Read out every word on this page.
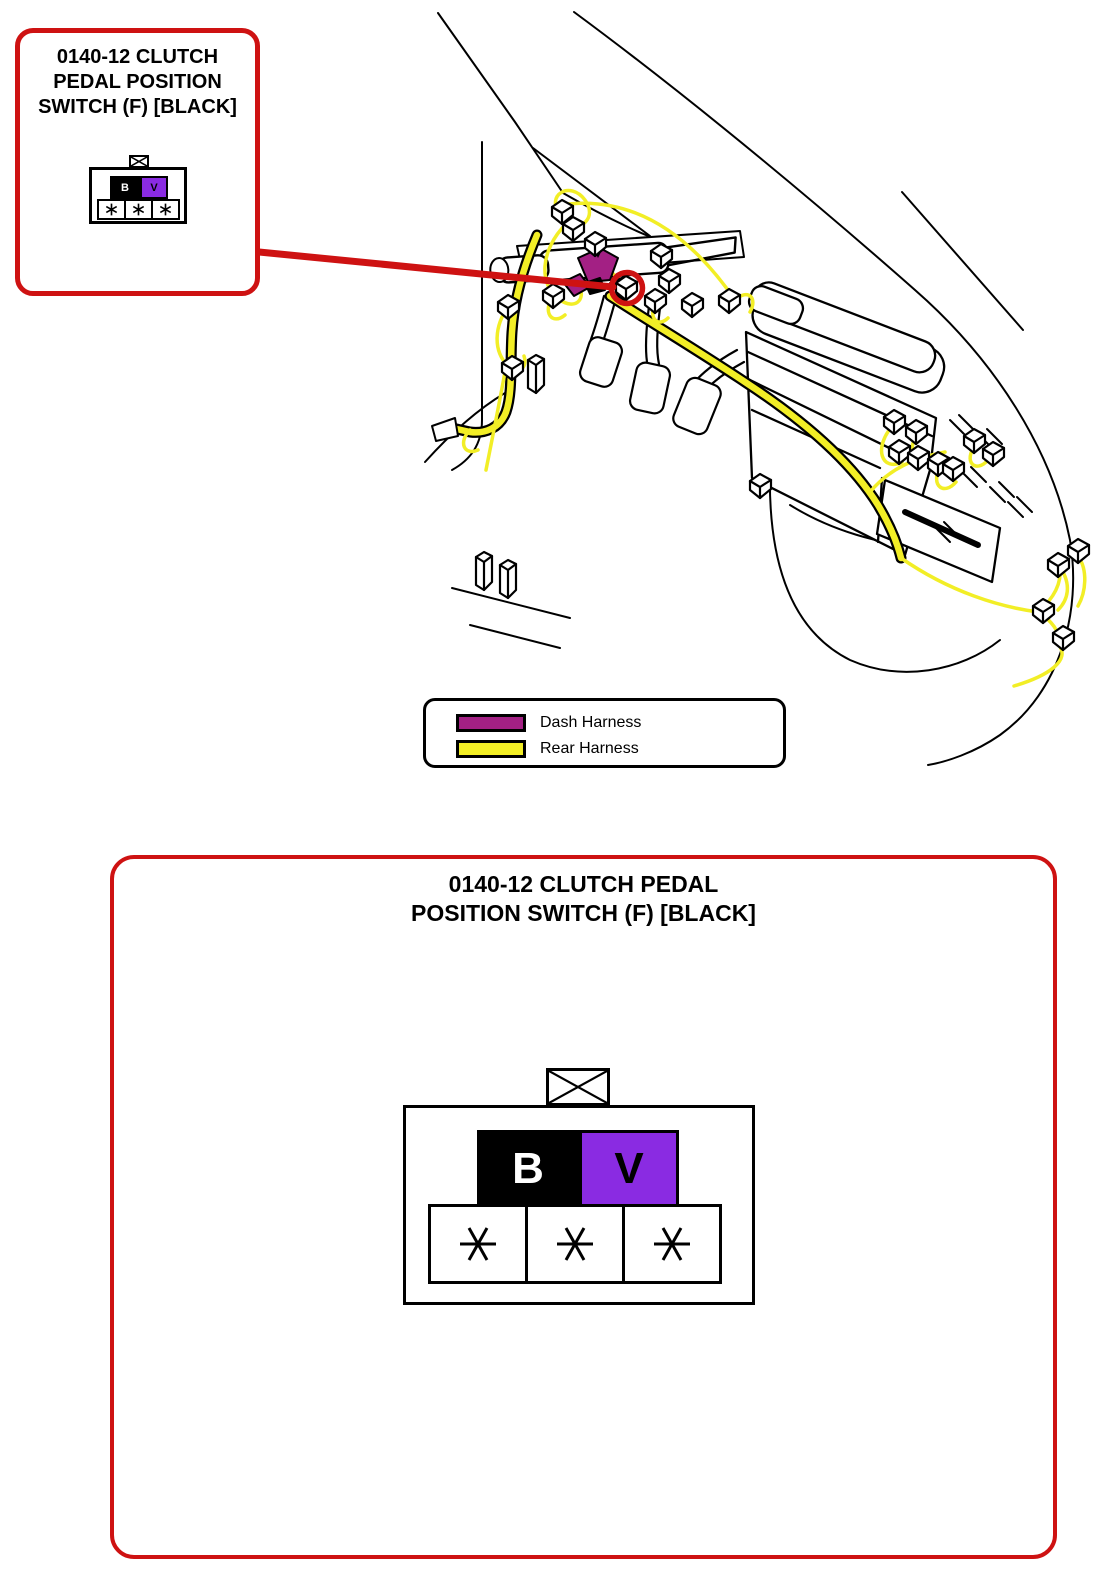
0140-12 CLUTCH
PEDAL POSITION
SWITCH (F) [BLACK]
B	V
Dash Harness
Rear Harness
0140-12 CLUTCH PEDAL
POSITION SWITCH (F) [BLACK]
B	V
